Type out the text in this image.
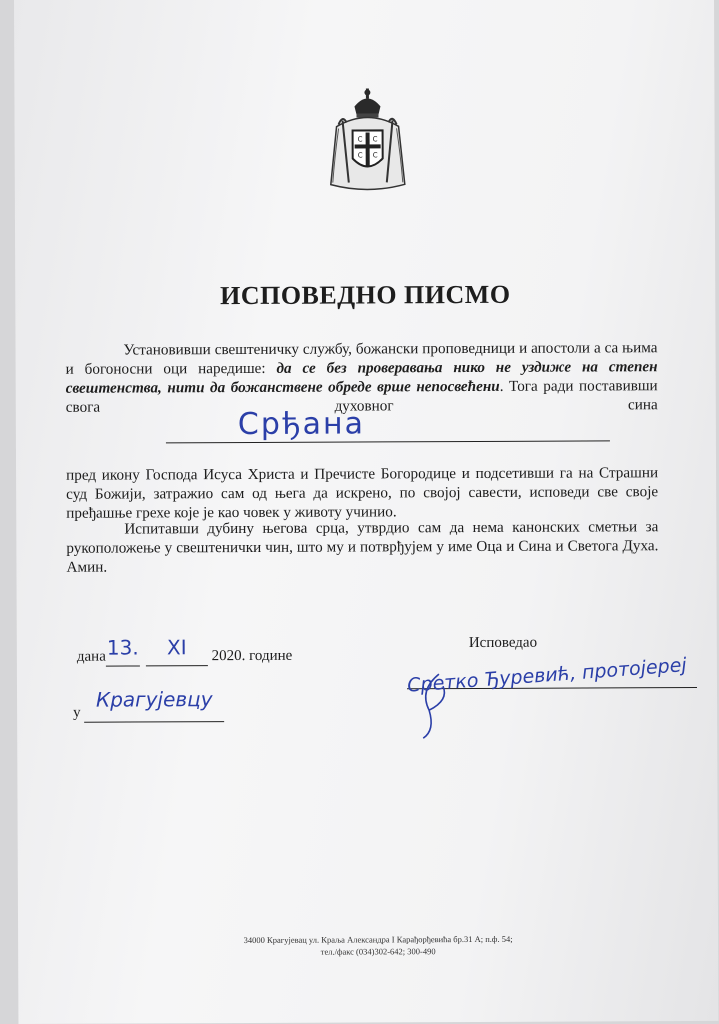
С С
С С
ИСПОВЕДНО ПИСМО
Установивши свештеничку службу, божански проповедници и апостоли а са њима и богоносни оци наредише: да се без проверавања нико не уздиже на степен свештенства, нити да божанствене обреде врше непосвећени. Тога ради поставивши свога духовног сина
Срђана
пред икону Господа Исуса Христа и Пречисте Богородице и подсетивши га на Страшни суд Божији, затражио сам од њега да искрено, по својој савести, исповеди све своје пређашње грехе које је као човек у животу учинио.
Испитавши дубину његова срца, утврдио сам да нема канонских сметњи за рукоположење у свештенички чин, што му и потврђујем у име Оца и Сина и Светога Духа. Амин.
дана13. XI 2020. године
у Крагујевцу
Исповедао
Сретко Ђуревић, протојереј
34000 Крагујевац ул. Краља Александра I Карађорђевића бр.31 А; п.ф. 54;
тел./факс (034)302-642; 300-490
